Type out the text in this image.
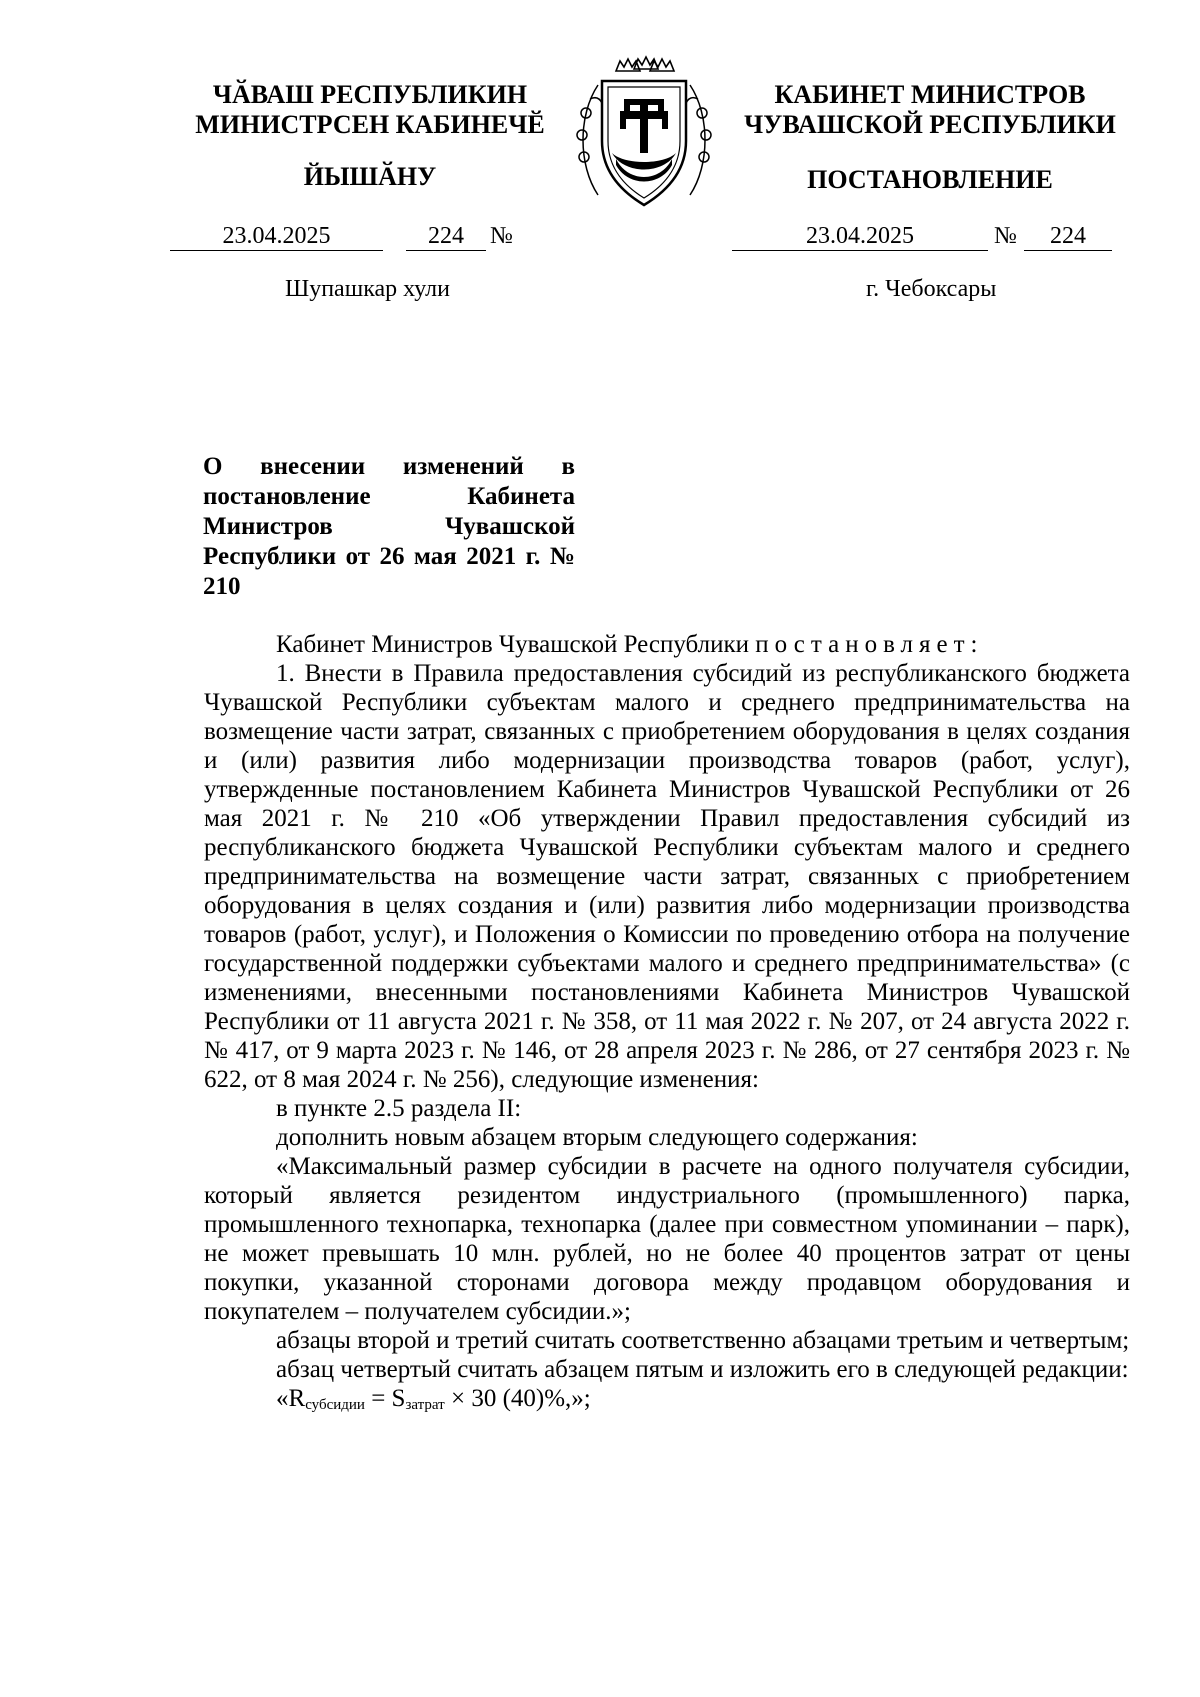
ЧӐВАШ РЕСПУБЛИКИН
МИНИСТРСЕН КАБИНЕЧӖ
ЙЫШӐНУ
КАБИНЕТ МИНИСТРОВ
ЧУВАШСКОЙ РЕСПУБЛИКИ
ПОСТАНОВЛЕНИЕ
23.04.2025	224	№	23.04.2025	№	224
Шупашкар хули	г. Чебоксары
О внесении изменений в постановление Кабинета Министров Чувашской Республики от 26 мая 2021 г. № 210

Кабинет Министров Чувашской Республики постановляет:

1. Внести в Правила предоставления субсидий из республиканского бюджета Чувашской Республики субъектам малого и среднего предпринимательства на возмещение части затрат, связанных с приобретением оборудования в целях создания и (или) развития либо модернизации производства товаров (работ, услуг), утвержденные постановлением Кабинета Министров Чувашской Республики от 26 мая 2021 г. № 210 «Об утверждении Правил предоставления субсидий из республиканского бюджета Чувашской Республики субъектам малого и среднего предпринимательства на возмещение части затрат, связанных с приобретением оборудования в целях создания и (или) развития либо модернизации производства товаров (работ, услуг), и Положения о Комиссии по проведению отбора на получение государственной поддержки субъектами малого и среднего предпринимательства» (с изменениями, внесенными постановлениями Кабинета Министров Чувашской Республики от 11 августа 2021 г. № 358, от 11 мая 2022 г. № 207, от 24 августа 2022 г. № 417, от 9 марта 2023 г. № 146, от 28 апреля 2023 г. № 286, от 27 сентября 2023 г. № 622, от 8 мая 2024 г. № 256), следующие изменения:

в пункте 2.5 раздела II:

дополнить новым абзацем вторым следующего содержания:

«Максимальный размер субсидии в расчете на одного получателя субсидии, который является резидентом индустриального (промышленного) парка, промышленного технопарка, технопарка (далее при совместном упоминании – парк), не может превышать 10 млн. рублей, но не более 40 процентов затрат от цены покупки, указанной сторонами договора между продавцом оборудования и покупателем – получателем субсидии.»;

абзацы второй и третий считать соответственно абзацами третьим и четвертым;

абзац четвертый считать абзацем пятым и изложить его в следующей редакции:

«$R_{субсидии} = S_{затрат} \times 30$ (40)%,»;
